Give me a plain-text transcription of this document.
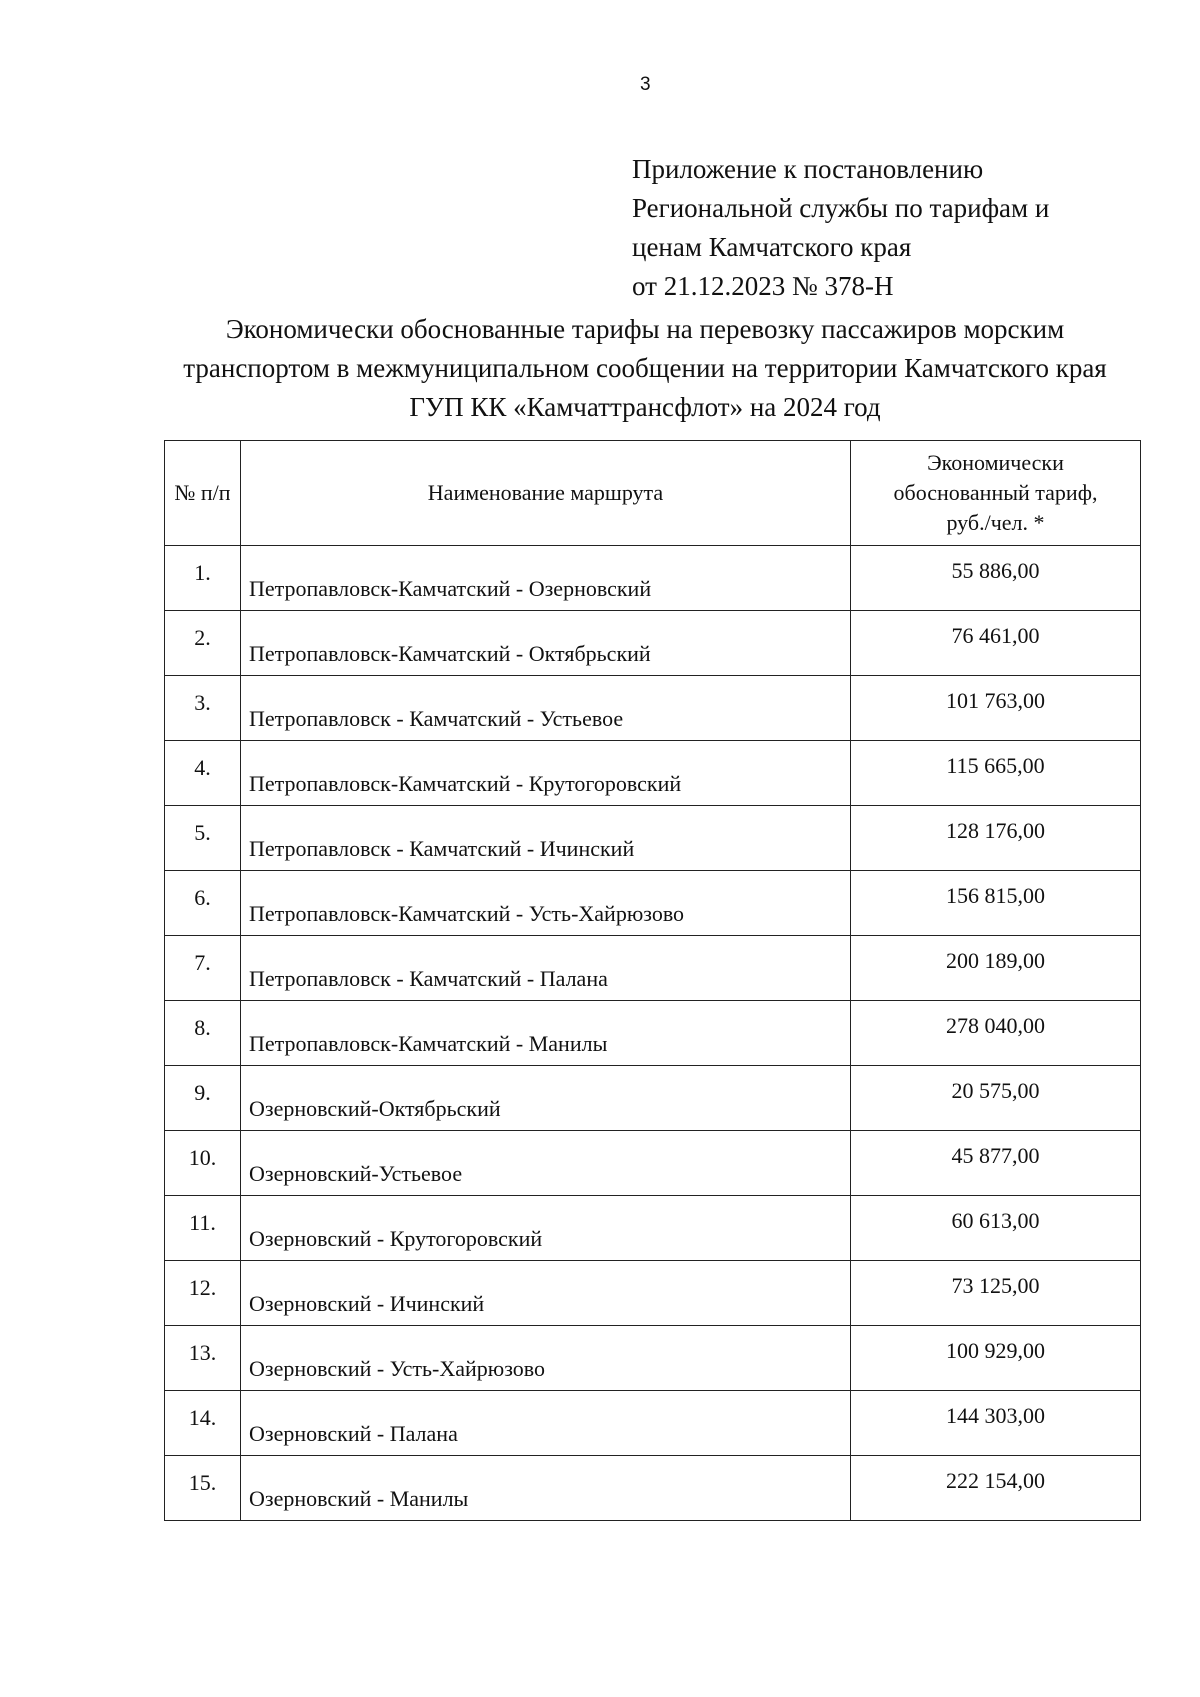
3
Приложение к постановлению
Региональной службы по тарифам и
ценам Камчатского края
от 21.12.2023 № 378-Н
Экономически обоснованные тарифы на перевозку пассажиров морским
транспортом в межмуниципальном сообщении на территории Камчатского края
ГУП КК «Камчаттрансфлот» на 2024 год
№ п/п	Наименование маршрута	Экономически
обоснованный тариф,
руб./чел. *

1.	Петропавловск-Камчатский - Озерновский	55 886,00

2.	Петропавловск-Камчатский - Октябрьский	76 461,00

3.	Петропавловск - Камчатский - Устьевое	101 763,00

4.	Петропавловск-Камчатский - Крутогоровский	115 665,00

5.	Петропавловск - Камчатский - Ичинский	128 176,00

6.	Петропавловск-Камчатский - Усть-Хайрюзово	156 815,00

7.	Петропавловск - Камчатский - Палана	200 189,00

8.	Петропавловск-Камчатский - Манилы	278 040,00

9.	Озерновский-Октябрьский	20 575,00

10.	Озерновский-Устьевое	45 877,00

11.	Озерновский - Крутогоровский	60 613,00

12.	Озерновский - Ичинский	73 125,00

13.	Озерновский - Усть-Хайрюзово	100 929,00

14.	Озерновский - Палана	144 303,00

15.	Озерновский - Манилы	222 154,00
